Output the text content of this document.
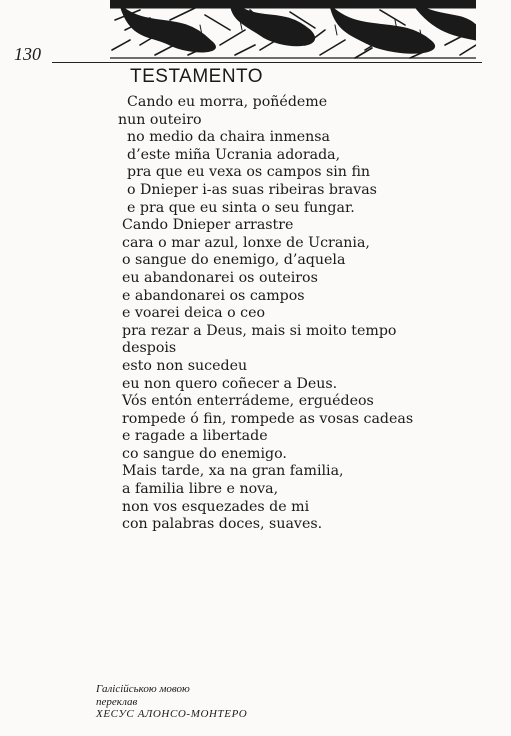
130
TESTAMENTO
Cando eu morra, poñédeme
nun outeiro
no medio da chaira inmensa
d’este miña Ucrania adorada,
pra que eu vexa os campos sin fin
o Dnieper i-as suas ribeiras bravas
e pra que eu sinta o seu fungar.
Cando Dnieper arrastre
cara o mar azul, lonxe de Ucrania,
o sangue do enemigo, d’aquela
eu abandonarei os outeiros
e abandonarei os campos
e voarei deica o ceo
pra rezar a Deus, mais si moito tempo
despois
esto non sucedeu
eu non quero coñecer a Deus.
Vós entón enterrádeme, erguédeos
rompede ó fin, rompede as vosas cadeas
e ragade a libertade
co sangue do enemigo.
Mais tarde, xa na gran familia,
a familia libre e nova,
non vos esquezades de mi
con palabras doces, suaves.
Галісійською мовою
переклав
ХЕСУС АЛОНСО-МОНТЕРО
